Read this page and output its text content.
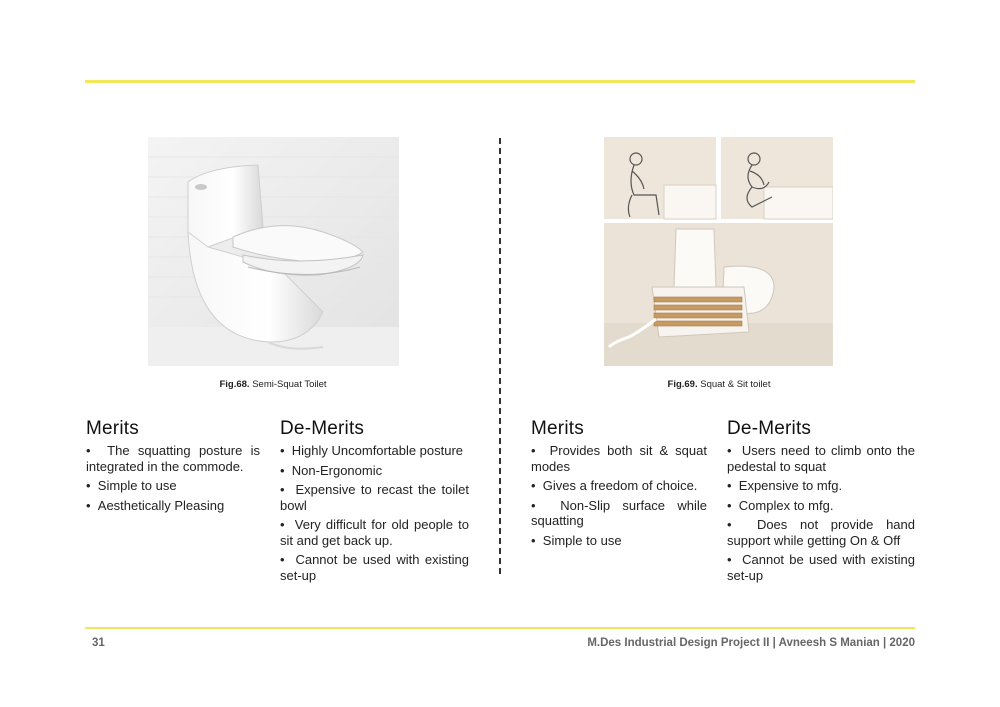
Fig.68. Semi-Squat Toilet	Fig.69. Squat & Sit toilet
Merits
•  The squatting posture is integrated in the commode.
•  Simple to use
•  Aesthetically Pleasing
De-Merits
•  Highly Uncomfortable posture
•  Non-Ergonomic
•  Expensive to recast the toilet bowl
•  Very difficult for old people to sit and get back up.
•  Cannot be used with existing set-up
Merits
•  Provides both sit & squat modes
•  Gives a freedom of choice.
•  Non-Slip surface while squatting
•  Simple to use
De-Merits
•  Users need to climb onto the pedestal to squat
•  Expensive to mfg.
•  Complex to mfg.
•  Does not provide hand support while getting On & Off
•  Cannot be used with existing set-up
31	M.Des Industrial Design Project II | Avneesh S Manian | 2020
